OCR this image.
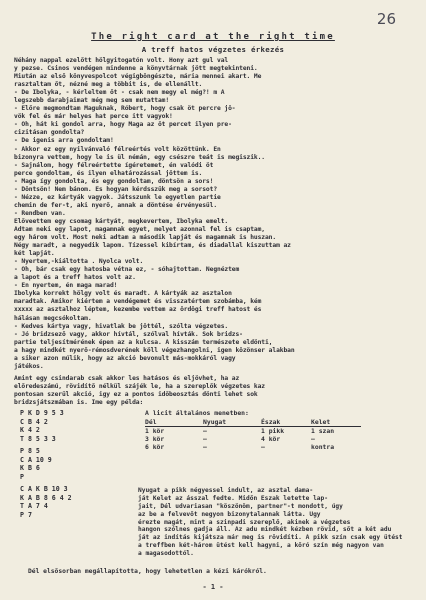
26
The right card at the right time
A treff hatos végzetes érkezés
Néhány nappal ezelőtt hölgyitogatón volt. Hony azt gul val
y pezse. Csinos vendégen mindenne a könyvtárnak jött megtekinteni.
Miután az első könyvespolcot végigböngészte, mária mennei akart. Me
rasztaltam őt, nézné meg a többit is, de ellenállt.
- De Ibolyka, - kérleltem őt - csak nem megy el még?! m A
legszebb darabjaimat még meg sem mutattam!
- Előre megmondtam Maguknak, Róbert, hogy csak öt percre jö-
vök fel és már helyes hat perce itt vagyok!
- Oh, hát ki gondol arra, hogy Maga az öt percet ilyen pre-
cizitásan gondolta?
- De igenis arra gondoltam!
- Akkor ez egy nyilvánvaló félreértés volt közöttünk. Én
bizonyra vettem, hogy le is ül némán, egy csészre teát is megiszik..
- Sajnálom, hogy félreértette ígéretemet, én valódi öt
perce gondoltam, és ilyen elhatározással jöttem is.
- Maga így gondolta, és egy gondoltam, döntsön a sors!
- Döntsön! Nem bánom. És hogyan kérdsszük meg a sorsot?
- Nézze, ez kártyák vagyok. Játsszunk le egyetlen partie
chemin de fer-t, aki nyerő, annak a döntése érvényesül.
- Rendben van.
Előveettem egy csomag kártyát, megkevertem, Ibolyka emelt.
Adtam neki egy lapot, magamnak egyet, melyet azonnal fel is csaptam,
egy három volt. Most neki adtam a második lapját és magamnak is huszan.
Négy maradt, a negyedik lapom. Tízessel kibírtam, és diadallal kiszuttam az
két lapját.
- Nyertem,-kiáltotta . Nyolca volt.
- Oh, bár csak egy hatosba vétna ez, - sóhajtottam. Negnéztem
a lapot és a treff hatos volt az.
- Én nyertem, én maga marad!
Ibolyka korrekt hölgy volt és maradt. A kártyák az asztalon
maradtak. Amikor kiértem a vendégemet és visszatértem szobámba, kém
xxxxx az asztalhoz léptem, kezembe vettem az ördögi treff hatost és
hálásan megcsókoltam.
- Kedves kártya vagy, hivatlak be jöttél, szólta végzetes.
- Jó bridzsező vagy, akkor hívtál, szólval hívták. Sok bridzs-
partie teljesítmérének épen az a kulcsa. A kisszám természete eldönti,
a hagy mindkét nyerő-rémosdverének köll végezhangolni, igen közönser alakban
a siker azon múlik, hogy az akció bevonult más-mokkáról vagy
játékos.
Amint egy csindarab csak akkor les hatásos és eljövhet, ha az
előredeszámú, rövidítő nélkül szájék le, ha a szereplők végzetes kaz
pontosan szerül akció, igy ez a pontos időbeosztás dönti lehet sok
bridzsjátszmában is. Íme egy példa:
P K D 9 5 3
C B 4 2
K 4 2
T 8 5 3 3
P 8 5
C A 10 9
K B 6
P
C A K B 10 3
K A B 8 6 4 2
T A 7 4
P 7
A licit általános menetben:
Dél	Nyugat	Észak	Kelet
1 kör	—	1 pikk	1 szan
3 kör	—	4 kör	—
6 kör	—	—	kontra
Nyugat a pikk négyessel indult, az asztal dama-
ját Kelet az ásszal fedte. Midőn Észak letette lap-
jait, Dél udvariasan "köszönöm, partner"-t mondott, úgy
az be a felvevőt negyon bizonytalannak látta. Úgy
érezte magát, mint a szinpadi szereplő, akinek a végzetes
hangon szólnes gadja áll. Az adu mindkét kézben rövid, sőt a két adu
ját az indítás kijátsza már meg is rövidíti. A pikk szín csak egy ütést
a treffben két-három ütést kell hagyni, a kőró szín még nagyon van
a magasodottól.
Dél elsősorban megállapította, hogy lehetetlen a kézi kárókról.
- 1 -
